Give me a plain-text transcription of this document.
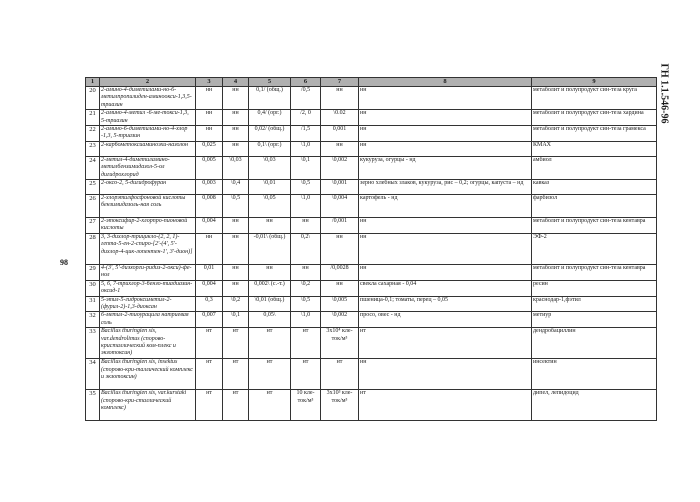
ГН 1.1.546-96
98
1	2	3	4	5	6	7	8	9
20	2-амино-4-диметилами-но-6-метилпропилиден-аминоокси-1,3,5-триазин	нн	нн	0,1/ (общ.)	/0,5	нн	нн	метаболит и полупродукт син-теза круга
21	2-амино-4-метил -6-ме-токси-1,3, 5-триазин	нн	нн	0,4/ (орг.)	/2, 0	\0.02	нн	метаболит и полупродукт син-теза хардина
22	2-амино-6-диметилами-но-4-хлор -1,3, 5-триазин	нн	нн	0,02/ (общ.)	/1,5	0,001	нн	метаболит и полупродукт син-теза грамекса
23	2-карбометоксиаминоэхи-назолон	0,025	нн	0,1\ (орг.)	\1,0	нн	нн	КМАХ
24	2-метил-4-диметиламино-метилбензимидазол-5-ол дигидрохлорид	0,005	\0,03	\0,03	\0,1	\0,002	кукуруза, огурцы - нд	амбиол
25	2-оксо-2, 5-дигидрофуран	0,003	\0,4	\0,01	\0,5	\0,001	зерно хлебных злаков, кукуруза, рис – 0,2; огурцы, капуста – нд	кавказ
26	2-хлорэтилфосфоновой кислоты бензимидазоль-ная соль	0,008	\0,5	\0,05	\1,0	\0,004	картофель - нд	фарбизол
27	2-этоксифир-2-хлорпро-пионовой кислоты	0,004	нн	нн	нн	/0,001	нн	метаболит и полупродукт син-теза кентавра
28	3, 3-дихлор-трицикло-(2, 2, 1)-гепта-5-ен-2-спиро-[2'-(4', 5'-дихлор-4-цик-лопентен-1', 3'-дион)]	нн	нн	-0,01\ (общ.)	0,2\	нн	нн	ЭФ-2
29	4-(3', 5'-диэхорги-ридиз-2-окси)-фе-нол	0,01	нн	нн	нн	/0,0028	нн	метаболит и полупродукт син-теза кентавра
30	5, 6, 7-трихлор-3-бензо-тиадиазин-оксид-1	0,004	нн	0,002\ (с.-т.)	\0,2	нн	свекла сахарная - 0,04	ресин
31	5-этил-5-гидроксиметил-2-(фурил-2)-1,3-диоксан	0,3	\0,2	\0,01 (общ.)	\0,5	\0,005	пшеница-0,1; томаты, перец – 0,05	краснодар-1,фэтил
32	6-метил-2-тиоурацила натриевая соль	0,007	\0,1	0,05\	\1,0	\0,002	просо, овес - нд	метиур
33	Bacillus thuringien sis, var.dendrolimus (спорово-кристаллический ком-плекс и экзотоксин)	нт	нт	нт	нт	3х10⁴ кле-ток/м³	нт	дендробациллин
34	Bacillus thuringien sis, insektus (спорово-кри-таллический комплекс и экзотоксин)	нт	нт	нт	нт	нт	нн	инсектин
35	Bacillus thuringien sis, var.kurstaki (спорово-кри-сталлический комплекс)	нт	нт	нт	10 кле-ток/м³	3х10³ кле-ток/м³	нт	дипел, лепидоцид
